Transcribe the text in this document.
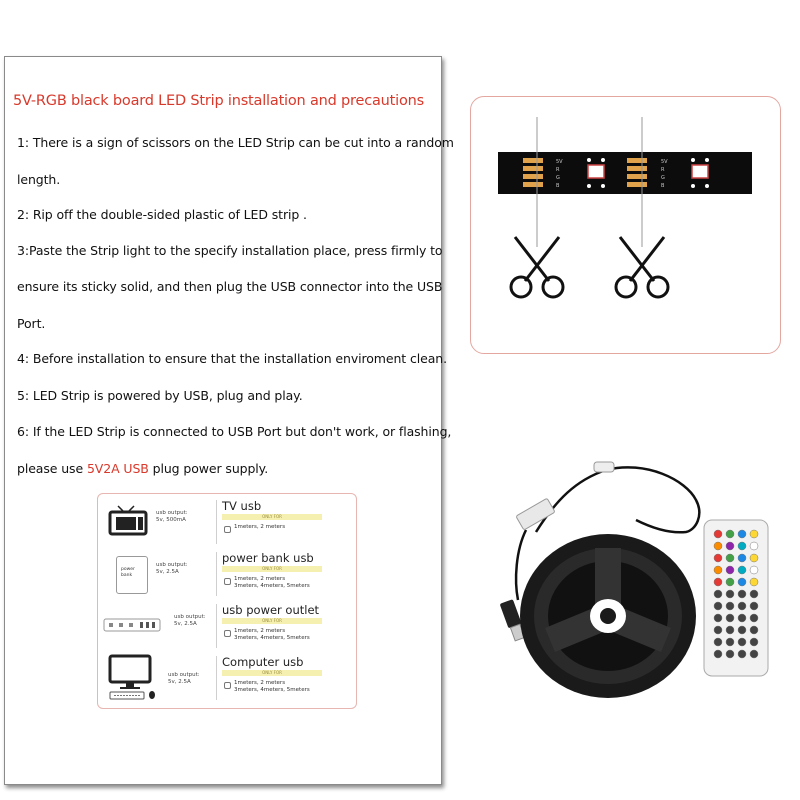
5V-RGB black board LED Strip installation and precautions
1: There is a sign of scissors on the LED Strip can be cut into a random
length.
2: Rip off the double-sided plastic of LED strip .
3:Paste the Strip light to the specify installation place, press firmly to
ensure its sticky solid, and then plug the USB connector into the USB
Port.
4: Before installation to ensure that the installation enviroment clean.
5: LED Strip is powered by USB, plug and play.
6: If the LED Strip is connected to USB Port but don't work, or flashing,
please use 5V2A USB plug power supply.
usb output:
5v, 500mA
TV usb
ONLY FOR
1meters, 2 meters
power
bank
usb output:
5v, 2.5A
power bank usb
ONLY FOR
1meters, 2 meters
3meters, 4meters, 5meters
usb output:
5v, 2.5A
usb power outlet
ONLY FOR
1meters, 2 meters
3meters, 4meters, 5meters
usb output:
5v, 2.5A
Computer usb
ONLY FOR
1meters, 2 meters
3meters, 4meters, 5meters
5V
R
G
B
5V
R
G
B
